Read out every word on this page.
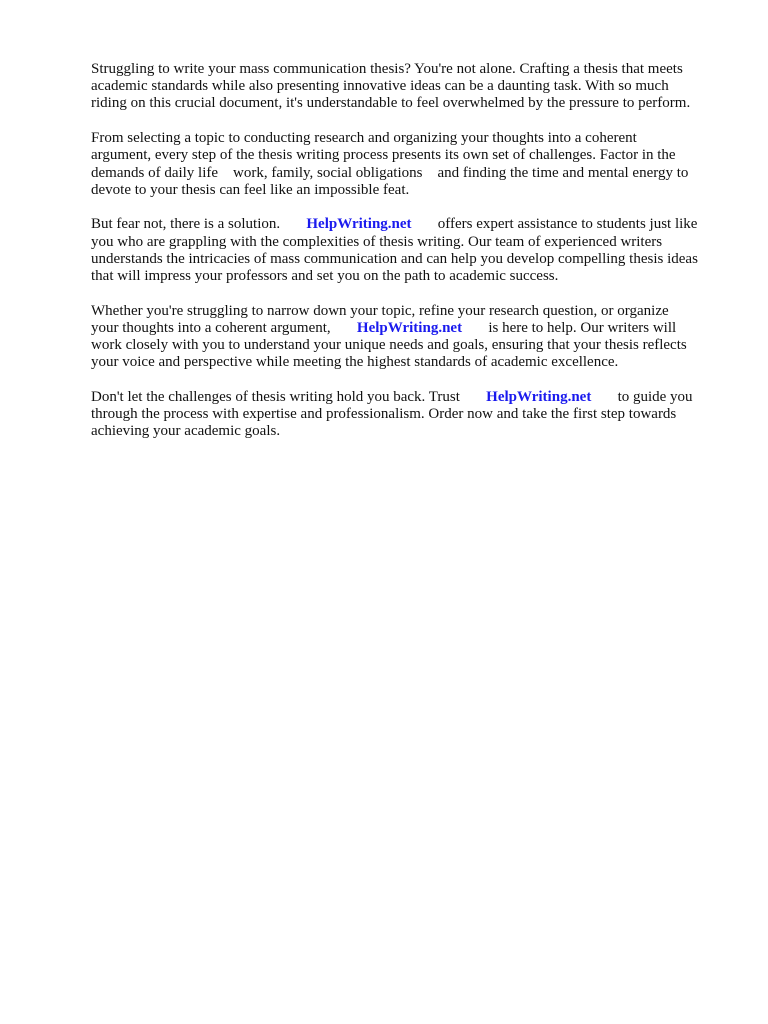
Struggling to write your mass communication thesis? You're not alone. Crafting a thesis that meets
academic standards while also presenting innovative ideas can be a daunting task. With so much
riding on this crucial document, it's understandable to feel overwhelmed by the pressure to perform.

From selecting a topic to conducting research and organizing your thoughts into a coherent
argument, every step of the thesis writing process presents its own set of challenges. Factor in the
demands of daily life    work, family, social obligations    and finding the time and mental energy to
devote to your thesis can feel like an impossible feat.

But fear not, there is a solution.       HelpWriting.net       offers expert assistance to students just like
you who are grappling with the complexities of thesis writing. Our team of experienced writers
understands the intricacies of mass communication and can help you develop compelling thesis ideas
that will impress your professors and set you on the path to academic success.

Whether you're struggling to narrow down your topic, refine your research question, or organize
your thoughts into a coherent argument,       HelpWriting.net       is here to help. Our writers will
work closely with you to understand your unique needs and goals, ensuring that your thesis reflects
your voice and perspective while meeting the highest standards of academic excellence.

Don't let the challenges of thesis writing hold you back. Trust       HelpWriting.net       to guide you
through the process with expertise and professionalism. Order now and take the first step towards
achieving your academic goals.
